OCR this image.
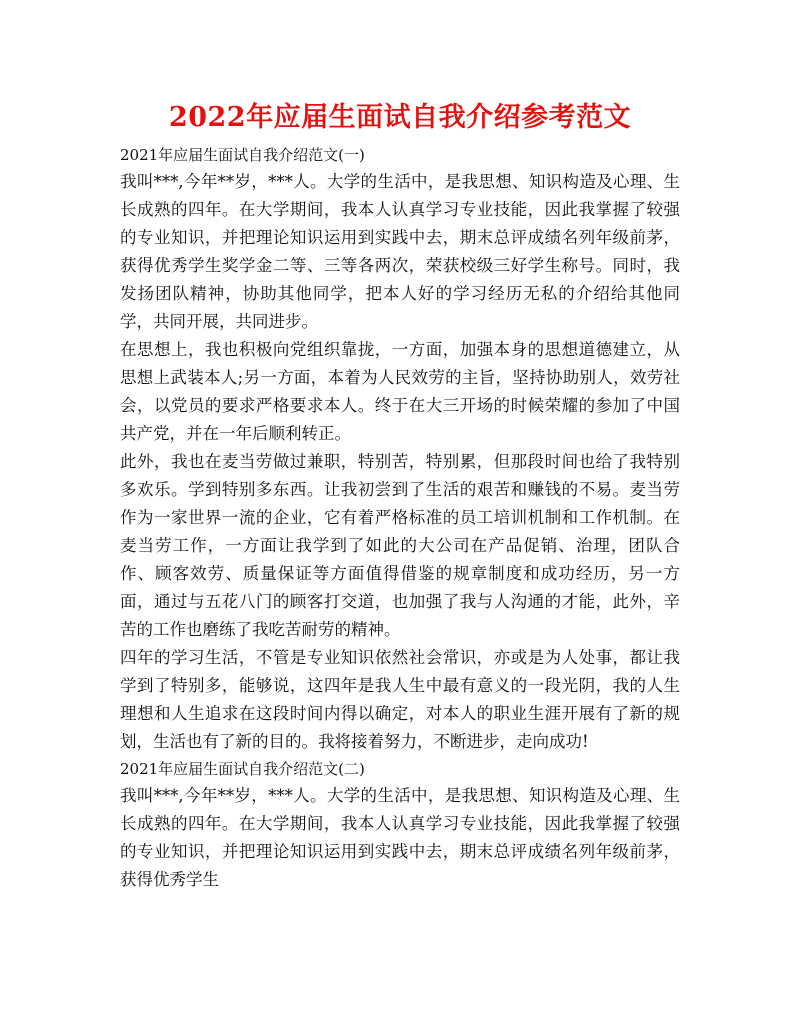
2022年应届生面试自我介绍参考范文

2021年应届生面试自我介绍范文(一)

我叫***,今年**岁，***人。大学的生活中，是我思想、知识构造及心理、生长成熟的四年。在大学期间，我本人认真学习专业技能，因此我掌握了较强的专业知识，并把理论知识运用到实践中去，期末总评成绩名列年级前茅，获得优秀学生奖学金二等、三等各两次，荣获校级三好学生称号。同时，我发扬团队精神，协助其他同学，把本人好的学习经历无私的介绍给其他同学，共同开展，共同进步。

在思想上，我也积极向党组织靠拢，一方面，加强本身的思想道德建立，从思想上武装本人;另一方面，本着为人民效劳的主旨，坚持协助别人，效劳社会，以党员的要求严格要求本人。终于在大三开场的时候荣耀的参加了中国共产党，并在一年后顺利转正。

此外，我也在麦当劳做过兼职，特别苦，特别累，但那段时间也给了我特别多欢乐。学到特别多东西。让我初尝到了生活的艰苦和赚钱的不易。麦当劳作为一家世界一流的企业，它有着严格标准的员工培训机制和工作机制。在麦当劳工作，一方面让我学到了如此的大公司在产品促销、治理，团队合作、顾客效劳、质量保证等方面值得借鉴的规章制度和成功经历，另一方面，通过与五花八门的顾客打交道，也加强了我与人沟通的才能，此外，辛苦的工作也磨练了我吃苦耐劳的精神。

四年的学习生活，不管是专业知识依然社会常识，亦或是为人处事，都让我学到了特别多，能够说，这四年是我人生中最有意义的一段光阴，我的人生理想和人生追求在这段时间内得以确定，对本人的职业生涯开展有了新的规划，生活也有了新的目的。我将接着努力，不断进步，走向成功!

2021年应届生面试自我介绍范文(二)

我叫***,今年**岁，***人。大学的生活中，是我思想、知识构造及心理、生长成熟的四年。在大学期间，我本人认真学习专业技能，因此我掌握了较强的专业知识，并把理论知识运用到实践中去，期末总评成绩名列年级前茅，获得优秀学生
